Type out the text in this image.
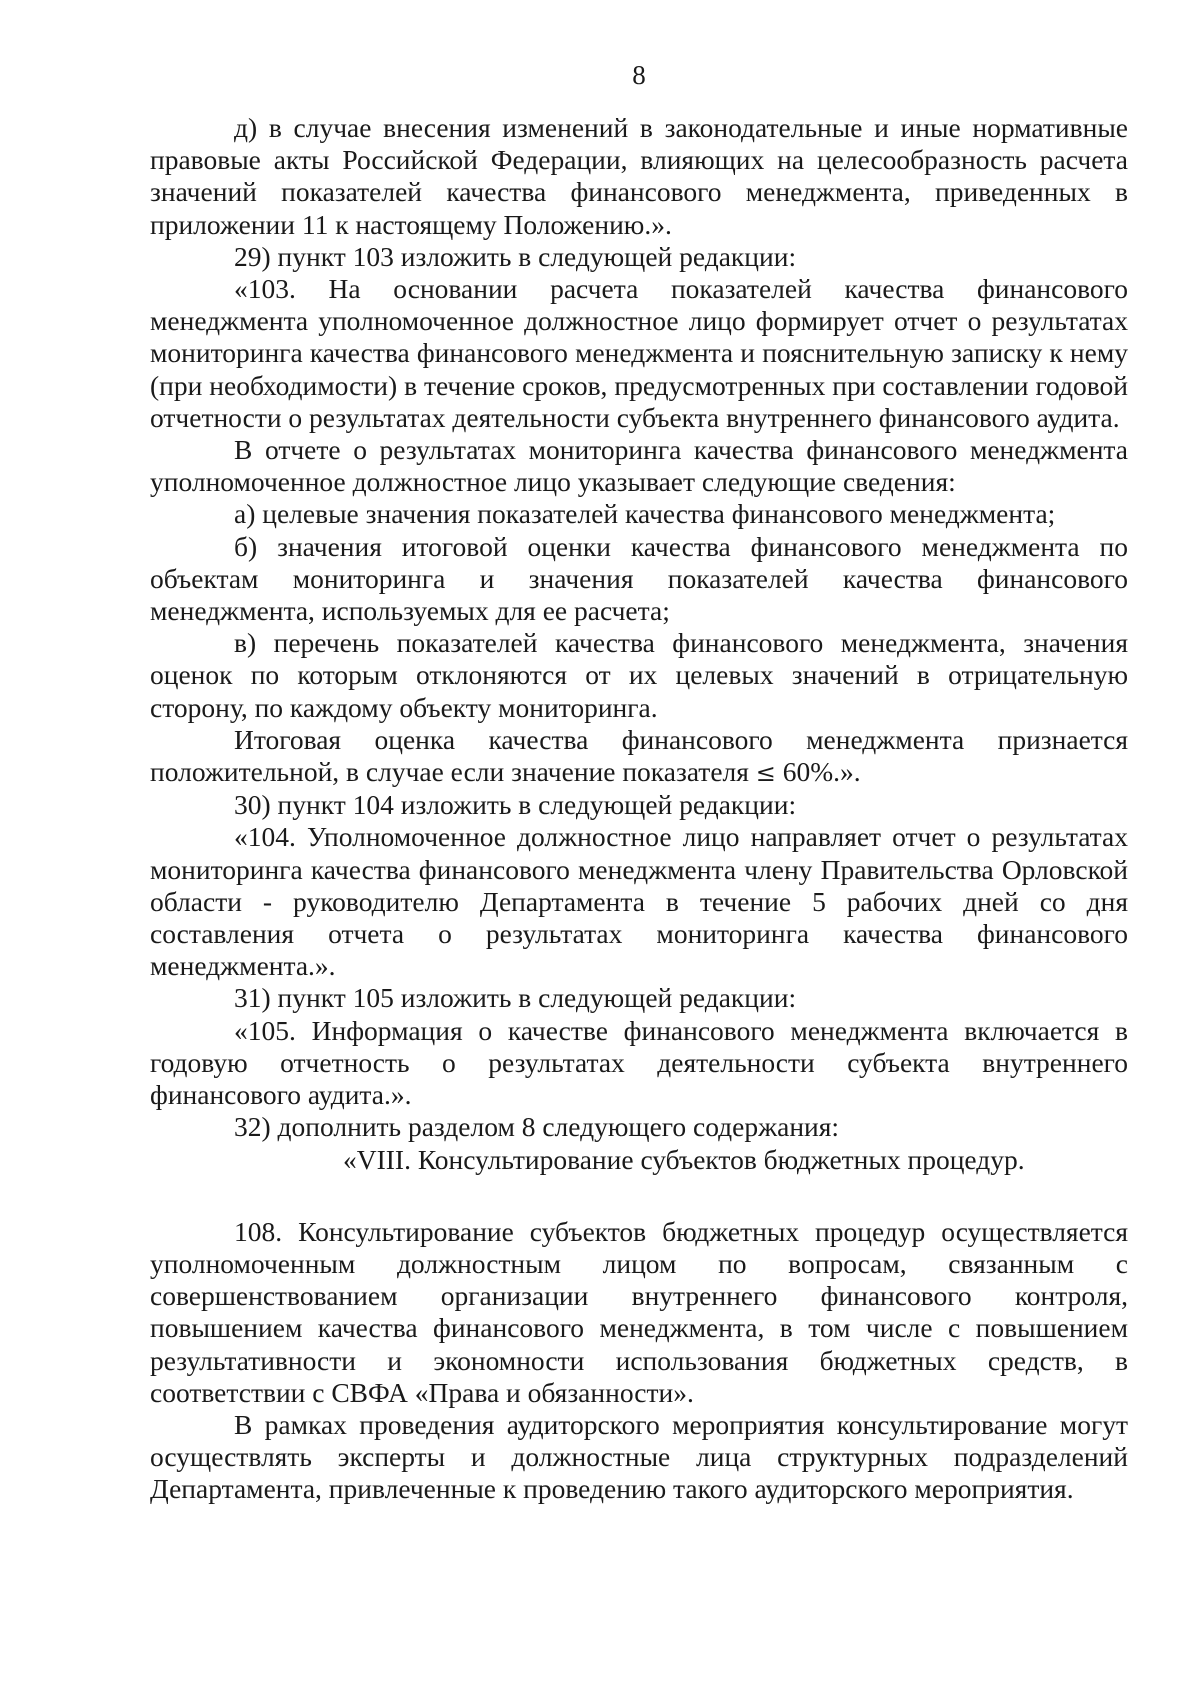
8

д) в случае внесения изменений в законодательные и иные нормативные правовые акты Российской Федерации, влияющих на целесообразность расчета значений показателей качества финансового менеджмента, приведенных в приложении 11 к настоящему Положению.».

29) пункт 103 изложить в следующей редакции:

«103. На основании расчета показателей качества финансового менеджмента уполномоченное должностное лицо формирует отчет о результатах мониторинга качества финансового менеджмента и пояснительную записку к нему (при необходимости) в течение сроков, предусмотренных при составлении годовой отчетности о результатах деятельности субъекта внутреннего финансового аудита.

В отчете о результатах мониторинга качества финансового менеджмента уполномоченное должностное лицо указывает следующие сведения:

а) целевые значения показателей качества финансового менеджмента;

б) значения итоговой оценки качества финансового менеджмента по объектам мониторинга и значения показателей качества финансового менеджмента, используемых для ее расчета;

в) перечень показателей качества финансового менеджмента, значения оценок по которым отклоняются от их целевых значений в отрицательную сторону, по каждому объекту мониторинга.

Итоговая оценка качества финансового менеджмента признается положительной, в случае если значение показателя ≤ 60%.».

30) пункт 104 изложить в следующей редакции:

«104. Уполномоченное должностное лицо направляет отчет о результатах мониторинга качества финансового менеджмента члену Правительства Орловской области - руководителю Департамента в течение 5 рабочих дней со дня составления отчета о результатах мониторинга качества финансового менеджмента.».

31) пункт 105 изложить в следующей редакции:

«105. Информация о качестве финансового менеджмента включается в годовую отчетность о результатах деятельности субъекта внутреннего финансового аудита.».

32) дополнить разделом 8 следующего содержания:

«VIII. Консультирование субъектов бюджетных процедур.

108. Консультирование субъектов бюджетных процедур осуществляется уполномоченным должностным лицом по вопросам, связанным с совершенствованием организации внутреннего финансового контроля, повышением качества финансового менеджмента, в том числе с повышением результативности и экономности использования бюджетных средств, в соответствии с СВФА «Права и обязанности».

В рамках проведения аудиторского мероприятия консультирование могут осуществлять эксперты и должностные лица структурных подразделений Департамента, привлеченные к проведению такого аудиторского мероприятия.
